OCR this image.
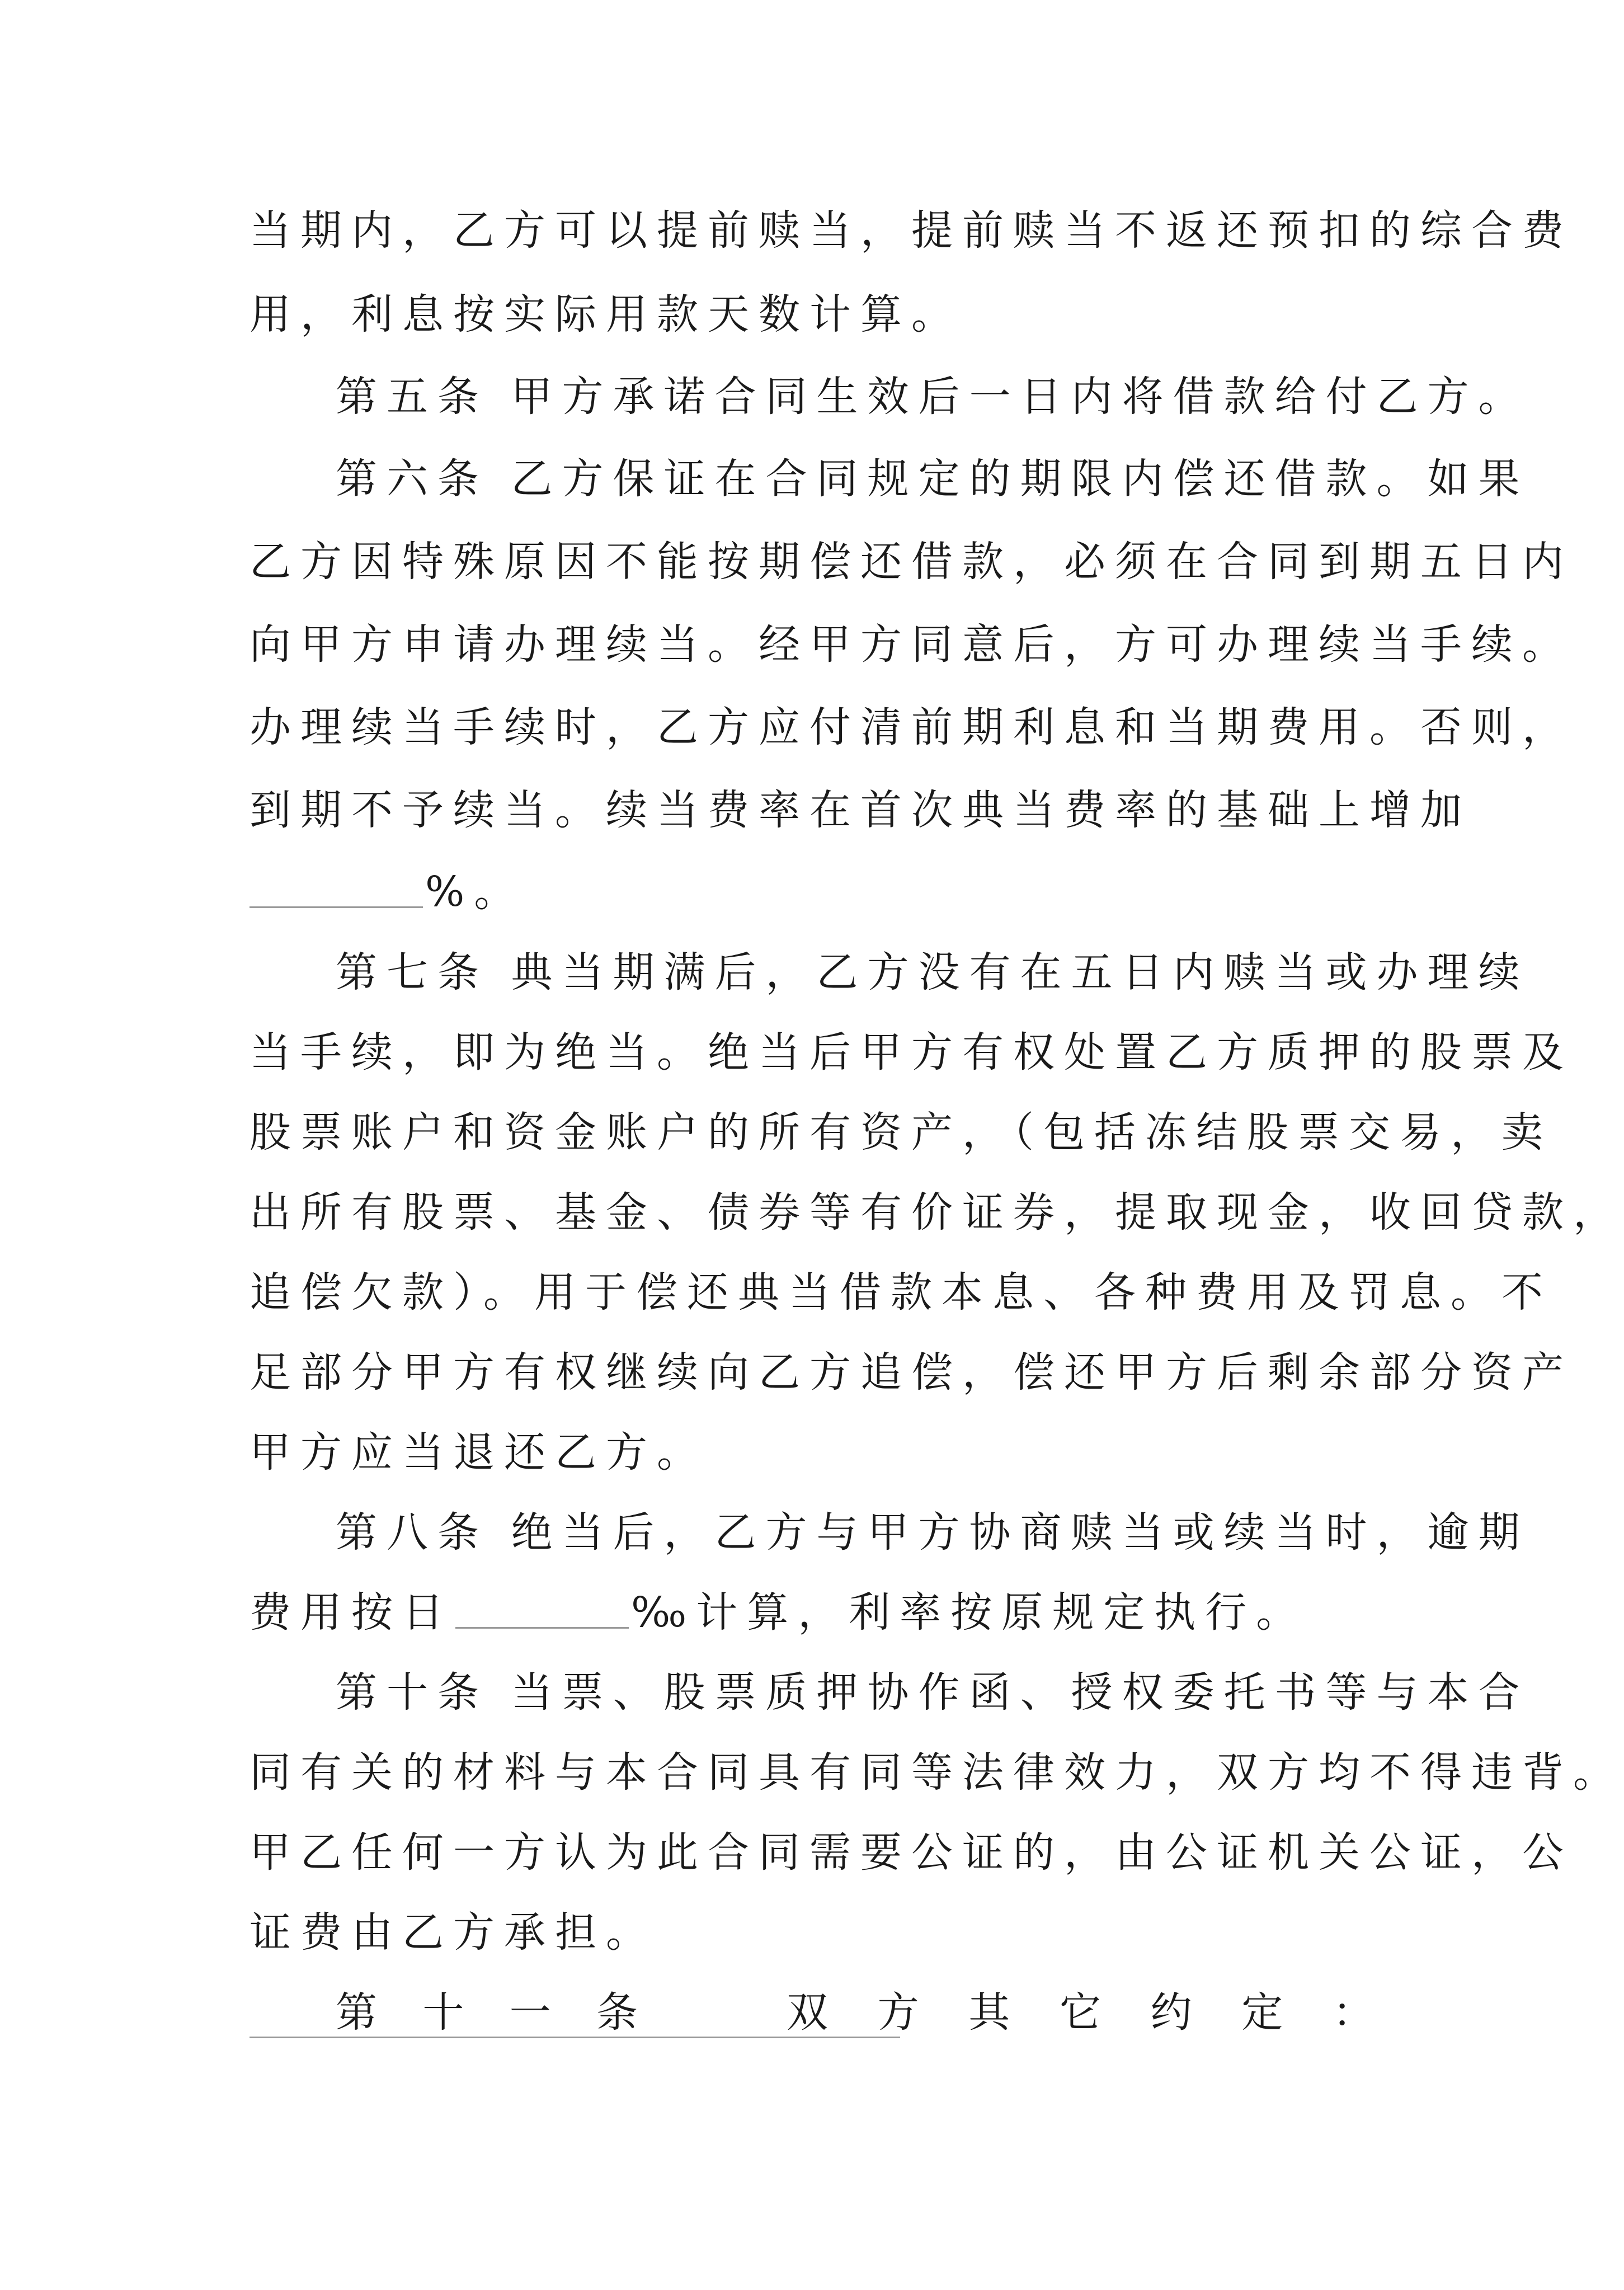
当期内，乙方可以提前赎当，提前赎当不返还预扣的综合费
用，利息按实际用款天数计算。
第五条 甲方承诺合同生效后一日内将借款给付乙方。
第六条 乙方保证在合同规定的期限内偿还借款。如果
乙方因特殊原因不能按期偿还借款，必须在合同到期五日内
向甲方申请办理续当。经甲方同意后，方可办理续当手续。
办理续当手续时，乙方应付清前期利息和当期费用。否则，
到期不予续当。续当费率在首次典当费率的基础上增加
%。
第七条 典当期满后，乙方没有在五日内赎当或办理续
当手续，即为绝当。绝当后甲方有权处置乙方质押的股票及
股票账户和资金账户的所有资产，（包括冻结股票交易，卖
出所有股票、基金、债券等有价证券，提取现金，收回贷款，
追偿欠款）。用于偿还典当借款本息、各种费用及罚息。不
足部分甲方有权继续向乙方追偿，偿还甲方后剩余部分资产
甲方应当退还乙方。
第八条 绝当后，乙方与甲方协商赎当或续当时，逾期
费用按日	‰计算，利率按原规定执行。
第十条 当票、股票质押协作函、授权委托书等与本合
同有关的材料与本合同具有同等法律效力，双方均不得违背。
甲乙任何一方认为此合同需要公证的，由公证机关公证，公
证费由乙方承担。
第 十 一 条	双 方 其 它 约 定 ：
